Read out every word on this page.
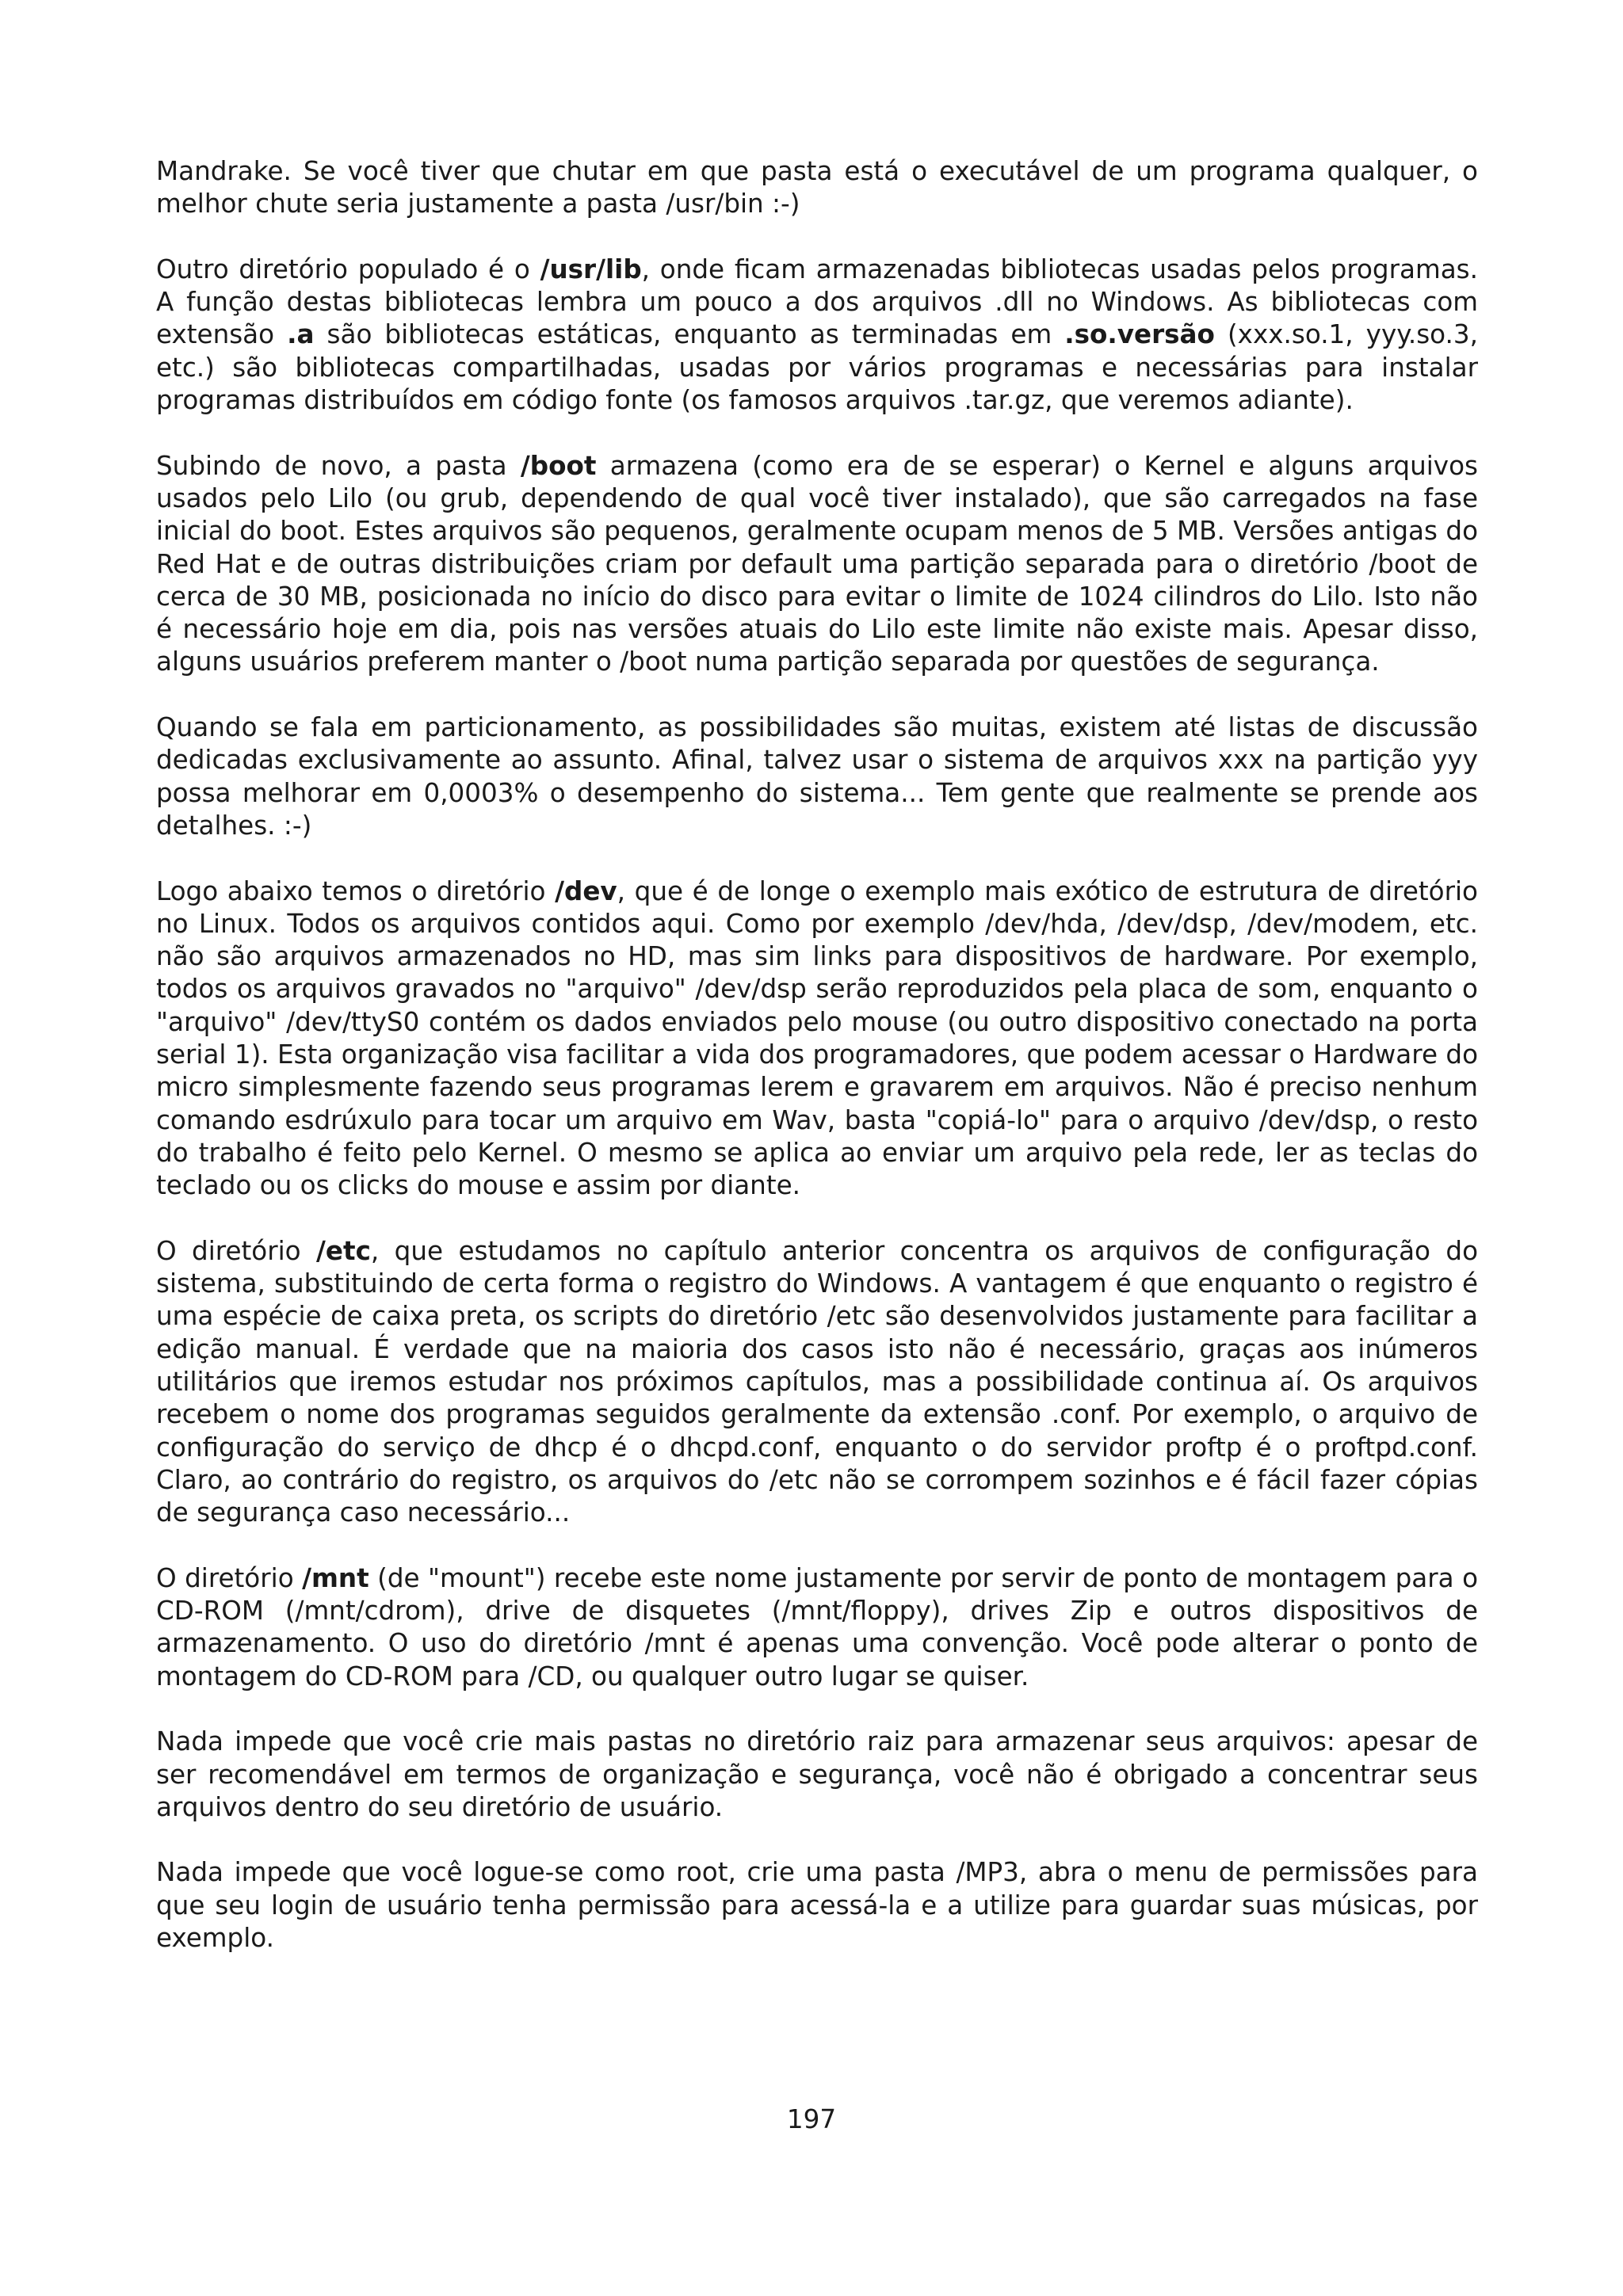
Mandrake. Se você tiver que chutar em que pasta está o executável de um programa qualquer, o melhor chute seria justamente a pasta /usr/bin :-)

Outro diretório populado é o /usr/lib, onde ficam armazenadas bibliotecas usadas pelos programas. A função destas bibliotecas lembra um pouco a dos arquivos .dll no Windows. As bibliotecas com extensão .a são bibliotecas estáticas, enquanto as terminadas em .so.versão (xxx.so.1, yyy.so.3, etc.) são bibliotecas compartilhadas, usadas por vários programas e necessárias para instalar programas distribuídos em código fonte (os famosos arquivos .tar.gz, que veremos adiante).

Subindo de novo, a pasta /boot armazena (como era de se esperar) o Kernel e alguns arquivos usados pelo Lilo (ou grub, dependendo de qual você tiver instalado), que são carregados na fase inicial do boot. Estes arquivos são pequenos, geralmente ocupam menos de 5 MB. Versões antigas do Red Hat e de outras distribuições criam por default uma partição separada para o diretório /boot de cerca de 30 MB, posicionada no início do disco para evitar o limite de 1024 cilindros do Lilo. Isto não é necessário hoje em dia, pois nas versões atuais do Lilo este limite não existe mais. Apesar disso, alguns usuários preferem manter o /boot numa partição separada por questões de segurança.

Quando se fala em particionamento, as possibilidades são muitas, existem até listas de discussão dedicadas exclusivamente ao assunto. Afinal, talvez usar o sistema de arquivos xxx na partição yyy possa melhorar em 0,0003% o desempenho do sistema... Tem gente que realmente se prende aos detalhes. :-)

Logo abaixo temos o diretório /dev, que é de longe o exemplo mais exótico de estrutura de diretório no Linux. Todos os arquivos contidos aqui. Como por exemplo /dev/hda, /dev/dsp, /dev/modem, etc. não são arquivos armazenados no HD, mas sim links para dispositivos de hardware. Por exemplo, todos os arquivos gravados no "arquivo" /dev/dsp serão reproduzidos pela placa de som, enquanto o "arquivo" /dev/ttyS0 contém os dados enviados pelo mouse (ou outro dispositivo conectado na porta serial 1). Esta organização visa facilitar a vida dos programadores, que podem acessar o Hardware do micro simplesmente fazendo seus programas lerem e gravarem em arquivos. Não é preciso nenhum comando esdrúxulo para tocar um arquivo em Wav, basta "copiá-lo" para o arquivo /dev/dsp, o resto do trabalho é feito pelo Kernel. O mesmo se aplica ao enviar um arquivo pela rede, ler as teclas do teclado ou os clicks do mouse e assim por diante.

O diretório /etc, que estudamos no capítulo anterior concentra os arquivos de configuração do sistema, substituindo de certa forma o registro do Windows. A vantagem é que enquanto o registro é uma espécie de caixa preta, os scripts do diretório /etc são desenvolvidos justamente para facilitar a edição manual. É verdade que na maioria dos casos isto não é necessário, graças aos inúmeros utilitários que iremos estudar nos próximos capítulos, mas a possibilidade continua aí. Os arquivos recebem o nome dos programas seguidos geralmente da extensão .conf. Por exemplo, o arquivo de configuração do serviço de dhcp é o dhcpd.conf, enquanto o do servidor proftp é o proftpd.conf. Claro, ao contrário do registro, os arquivos do /etc não se corrompem sozinhos e é fácil fazer cópias de segurança caso necessário...

O diretório /mnt (de "mount") recebe este nome justamente por servir de ponto de montagem para o CD-ROM (/mnt/cdrom), drive de disquetes (/mnt/floppy), drives Zip e outros dispositivos de armazenamento. O uso do diretório /mnt é apenas uma convenção. Você pode alterar o ponto de montagem do CD-ROM para /CD, ou qualquer outro lugar se quiser.

Nada impede que você crie mais pastas no diretório raiz para armazenar seus arquivos: apesar de ser recomendável em termos de organização e segurança, você não é obrigado a concentrar seus arquivos dentro do seu diretório de usuário.

Nada impede que você logue-se como root, crie uma pasta /MP3, abra o menu de permissões para que seu login de usuário tenha permissão para acessá-la e a utilize para guardar suas músicas, por exemplo.

197
